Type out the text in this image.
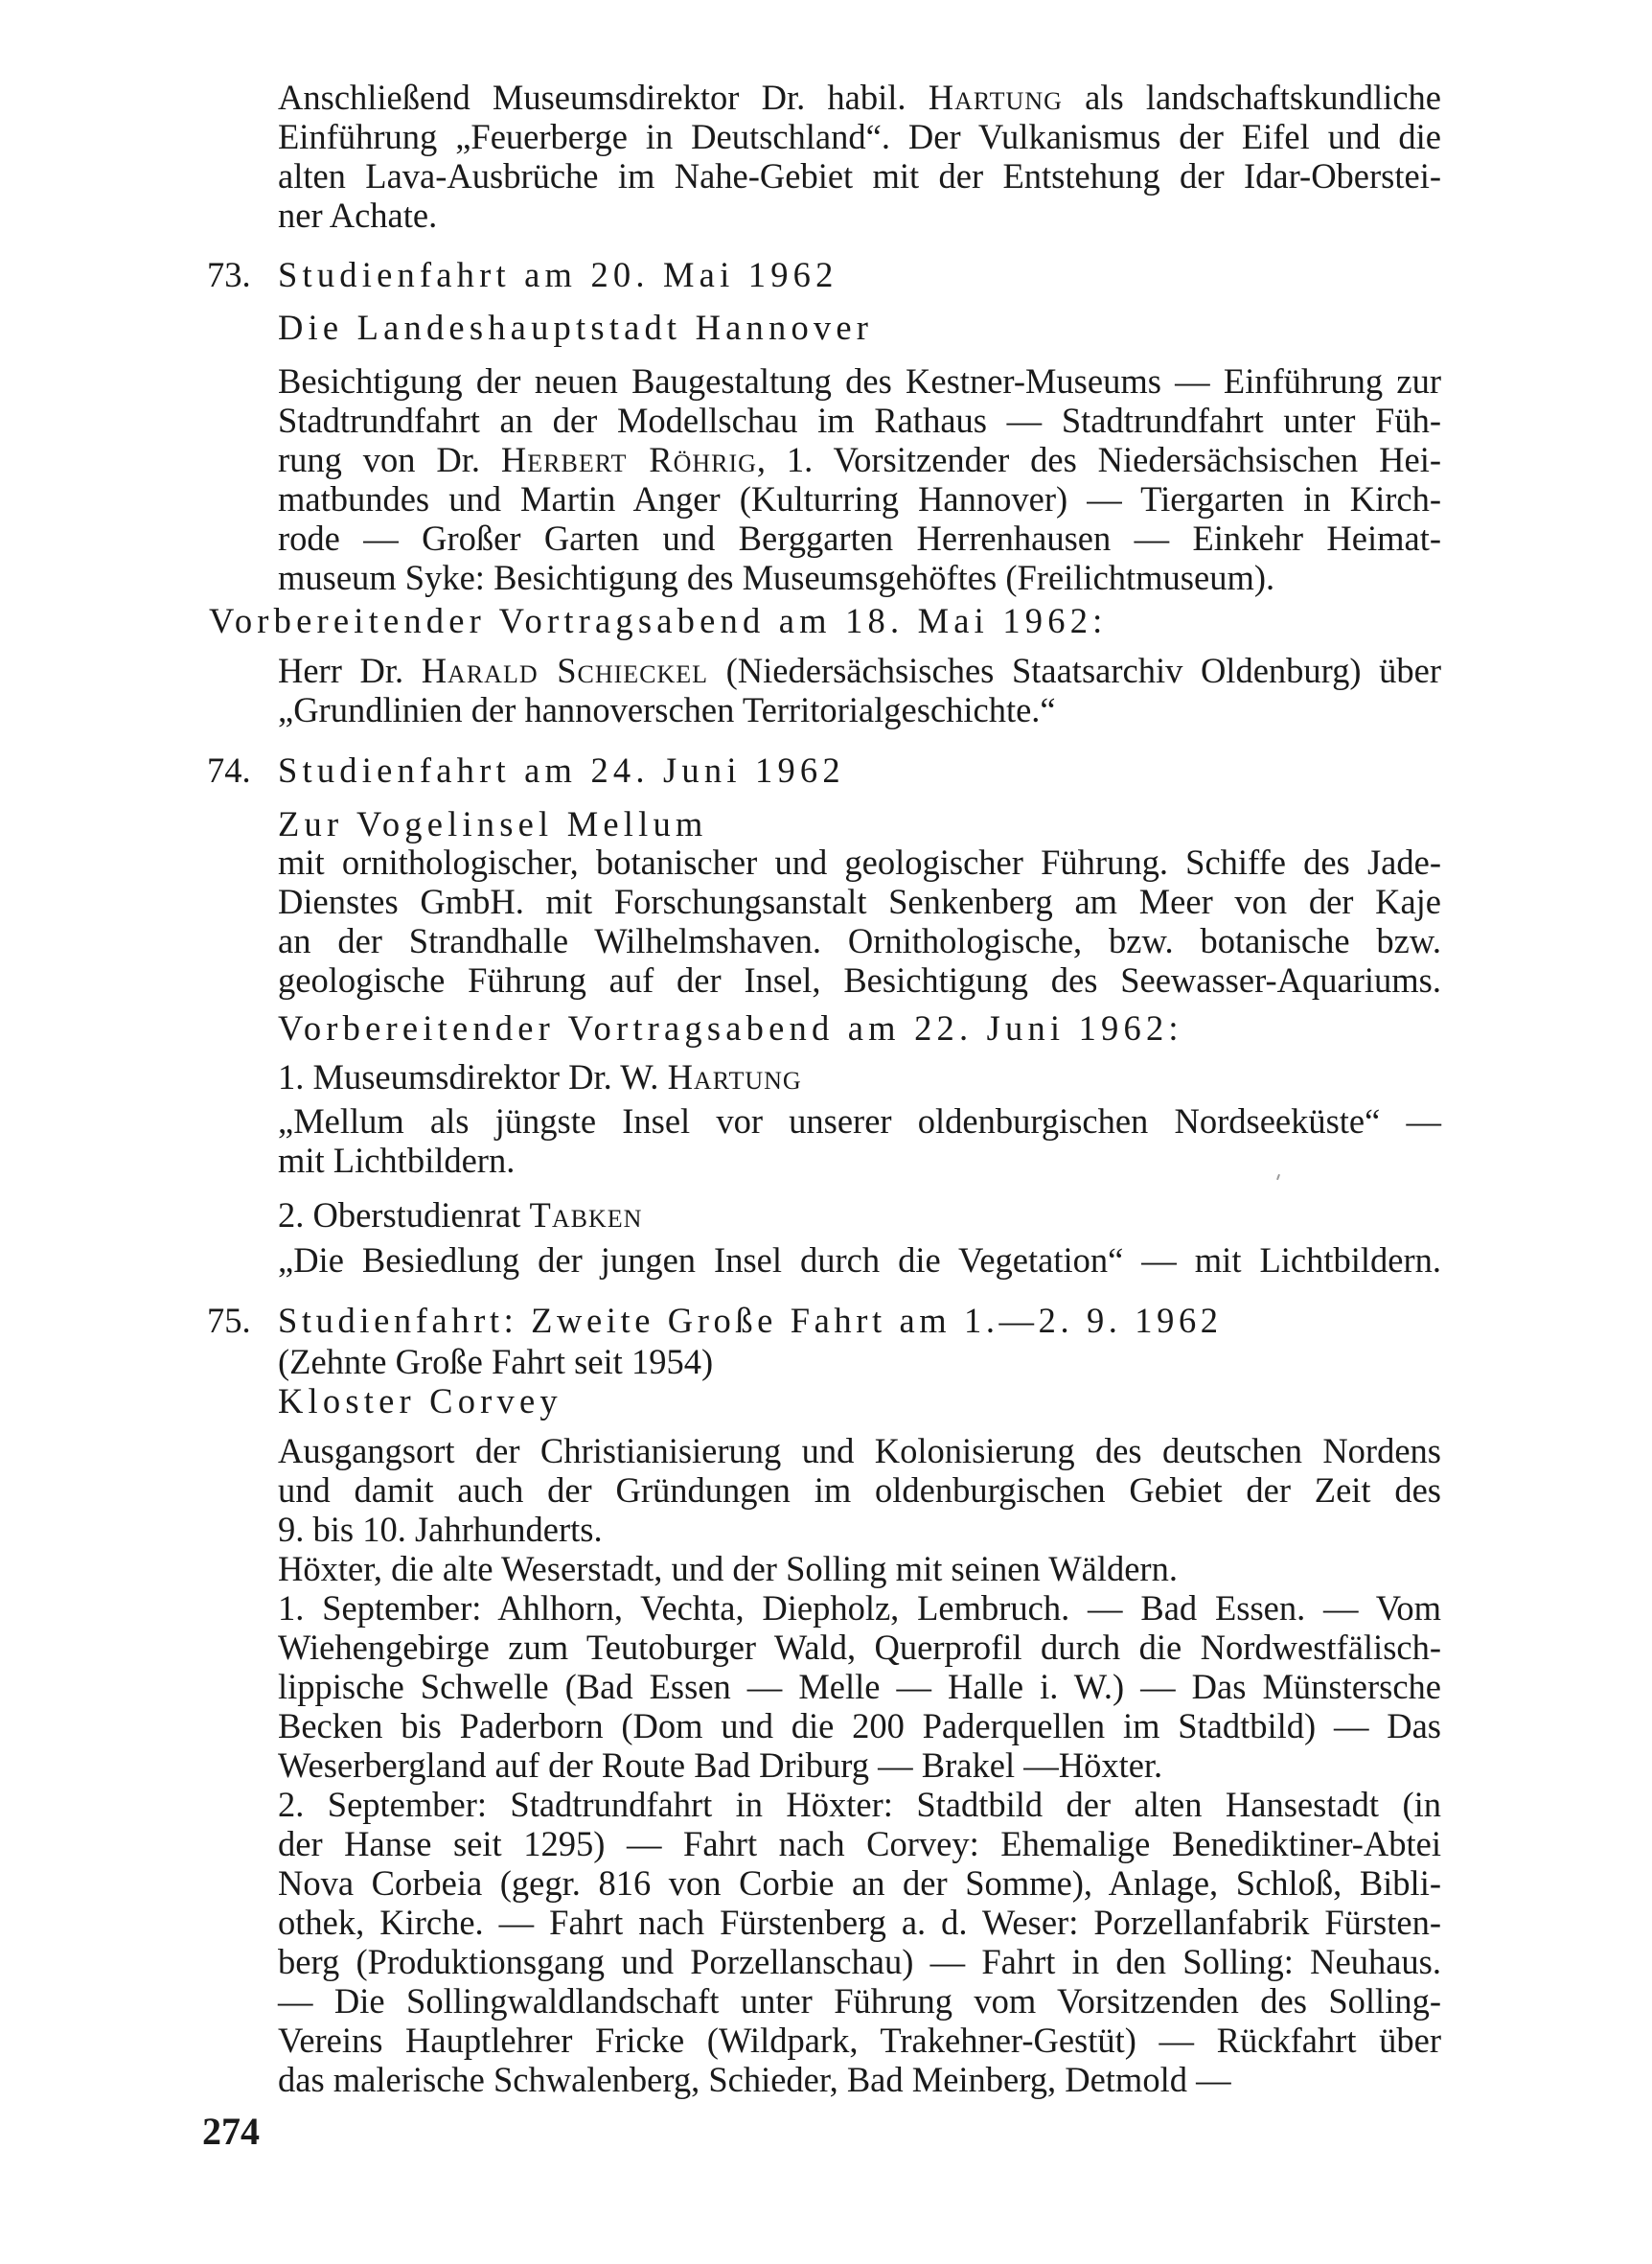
Anschließend Museumsdirektor Dr. habil. Hartung als landschaftskundliche
Einführung „Feuerberge in Deutschland“. Der Vulkanismus der Eifel und die
alten Lava-Ausbrüche im Nahe-Gebiet mit der Entstehung der Idar-Oberstei-
ner Achate.
73. Studienfahrt am 20. Mai 1962
Die Landeshauptstadt Hannover
Besichtigung der neuen Baugestaltung des Kestner-Museums — Einführung zur
Stadtrundfahrt an der Modellschau im Rathaus — Stadtrundfahrt unter Füh-
rung von Dr. Herbert Röhrig, 1. Vorsitzender des Niedersächsischen Hei-
matbundes und Martin Anger (Kulturring Hannover) — Tiergarten in Kirch-
rode — Großer Garten und Berggarten Herrenhausen — Einkehr Heimat-
museum Syke: Besichtigung des Museumsgehöftes (Freilichtmuseum).
Vorbereitender Vortragsabend am 18. Mai 1962:
Herr Dr. Harald Schieckel (Niedersächsisches Staatsarchiv Oldenburg) über
„Grundlinien der hannoverschen Territorialgeschichte.“
74. Studienfahrt am 24. Juni 1962
Zur Vogelinsel Mellum
mit ornithologischer, botanischer und geologischer Führung. Schiffe des Jade-
Dienstes GmbH. mit Forschungsanstalt Senkenberg am Meer von der Kaje
an der Strandhalle Wilhelmshaven. Ornithologische, bzw. botanische bzw.
geologische Führung auf der Insel, Besichtigung des Seewasser-Aquariums.
Vorbereitender Vortragsabend am 22. Juni 1962:
1. Museumsdirektor Dr. W. Hartung
„Mellum als jüngste Insel vor unserer oldenburgischen Nordseeküste“ —
mit Lichtbildern.
2. Oberstudienrat Tabken
„Die Besiedlung der jungen Insel durch die Vegetation“ — mit Lichtbildern.
75. Studienfahrt: Zweite Große Fahrt am 1.—2. 9. 1962
(Zehnte Große Fahrt seit 1954)
Kloster Corvey
Ausgangsort der Christianisierung und Kolonisierung des deutschen Nordens
und damit auch der Gründungen im oldenburgischen Gebiet der Zeit des
9. bis 10. Jahrhunderts.
Höxter, die alte Weserstadt, und der Solling mit seinen Wäldern.
1. September: Ahlhorn, Vechta, Diepholz, Lembruch. — Bad Essen. — Vom
Wiehengebirge zum Teutoburger Wald, Querprofil durch die Nordwestfälisch-
lippische Schwelle (Bad Essen — Melle — Halle i. W.) — Das Münstersche
Becken bis Paderborn (Dom und die 200 Paderquellen im Stadtbild) — Das
Weserbergland auf der Route Bad Driburg — Brakel —Höxter.
2. September: Stadtrundfahrt in Höxter: Stadtbild der alten Hansestadt (in
der Hanse seit 1295) — Fahrt nach Corvey: Ehemalige Benediktiner-Abtei
Nova Corbeia (gegr. 816 von Corbie an der Somme), Anlage, Schloß, Bibli-
othek, Kirche. — Fahrt nach Fürstenberg a. d. Weser: Porzellanfabrik Fürsten-
berg (Produktionsgang und Porzellanschau) — Fahrt in den Solling: Neuhaus.
— Die Sollingwaldlandschaft unter Führung vom Vorsitzenden des Solling-
Vereins Hauptlehrer Fricke (Wildpark, Trakehner-Gestüt) — Rückfahrt über
das malerische Schwalenberg, Schieder, Bad Meinberg, Detmold —
274
